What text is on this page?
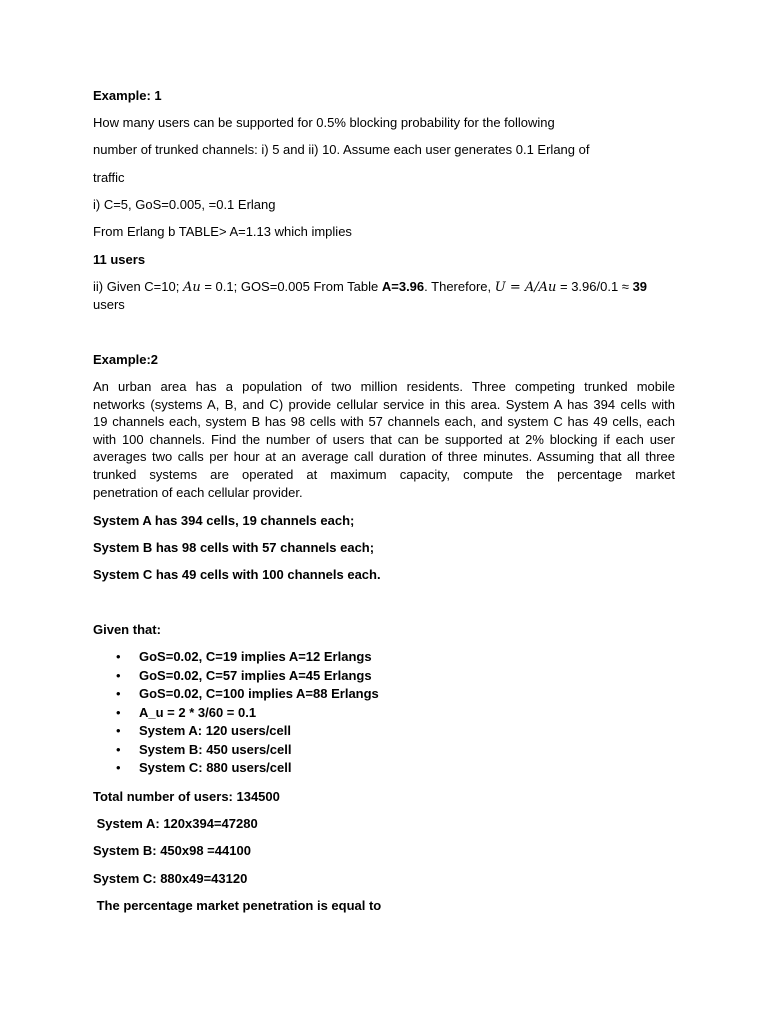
Example: 1
How many users can be supported for 0.5% blocking probability for the following
number of trunked channels: i) 5 and ii) 10. Assume each user generates 0.1 Erlang of
traffic
i) C=5, GoS=0.005, =0.1 Erlang
From Erlang b TABLE> A=1.13 which implies
11 users
ii) Given C=10; Au = 0.1; GOS=0.005 From Table A=3.96. Therefore, U = A/Au = 3.96/0.1 ≈ 39
users
Example:2
An urban area has a population of two million residents. Three competing trunked mobile
networks (systems A, B, and C) provide cellular service in this area. System A has 394 cells with
19 channels each, system B has 98 cells with 57 channels each, and system C has 49 cells, each
with 100 channels. Find the number of users that can be supported at 2% blocking if each user
averages two calls per hour at an average call duration of three minutes. Assuming that all three
trunked systems are operated at maximum capacity, compute the percentage market
penetration of each cellular provider.
System A has 394 cells, 19 channels each;
System B has 98 cells with 57 channels each;
System C has 49 cells with 100 channels each.
Given that:
• GoS=0.02, C=19 implies A=12 Erlangs
• GoS=0.02, C=57 implies A=45 Erlangs
• GoS=0.02, C=100 implies A=88 Erlangs
• A_u = 2 * 3/60 = 0.1
• System A: 120 users/cell
• System B: 450 users/cell
• System C: 880 users/cell
Total number of users: 134500
System A: 120x394=47280
System B: 450x98 =44100
System C: 880x49=43120
The percentage market penetration is equal to
